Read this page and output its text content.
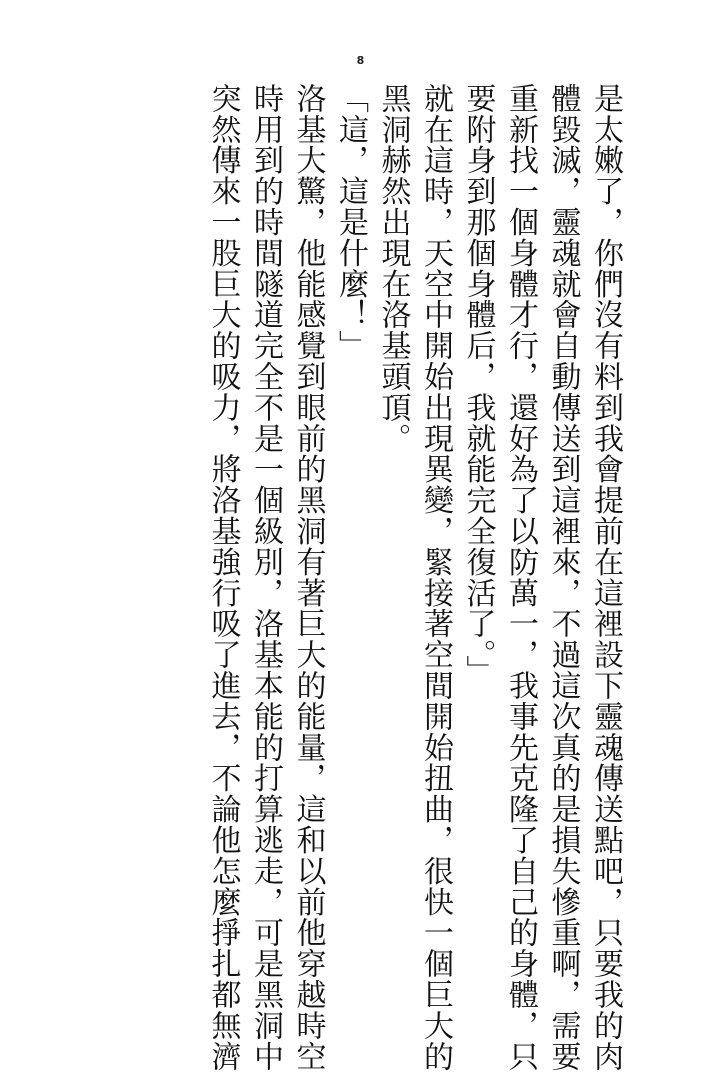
8
是太嫩了，你們沒有料到我會提前在這裡設下靈魂傳送點吧，只要我的肉
體毀滅，靈魂就會自動傳送到這裡來，不過這次真的是損失慘重啊，需要
重新找一個身體才行，還好為了以防萬一，我事先克隆了自己的身體，只
要附身到那個身體后，我就能完全復活了。」
就在這時，天空中開始出現異變，緊接著空間開始扭曲，很快一個巨大的
黑洞赫然出現在洛基頭頂。
「這，這是什麼！」
洛基大驚，他能感覺到眼前的黑洞有著巨大的能量，這和以前他穿越時空
時用到的時間隧道完全不是一個級別，洛基本能的打算逃走，可是黑洞中
突然傳來一股巨大的吸力，將洛基強行吸了進去，不論他怎麼掙扎都無濟
